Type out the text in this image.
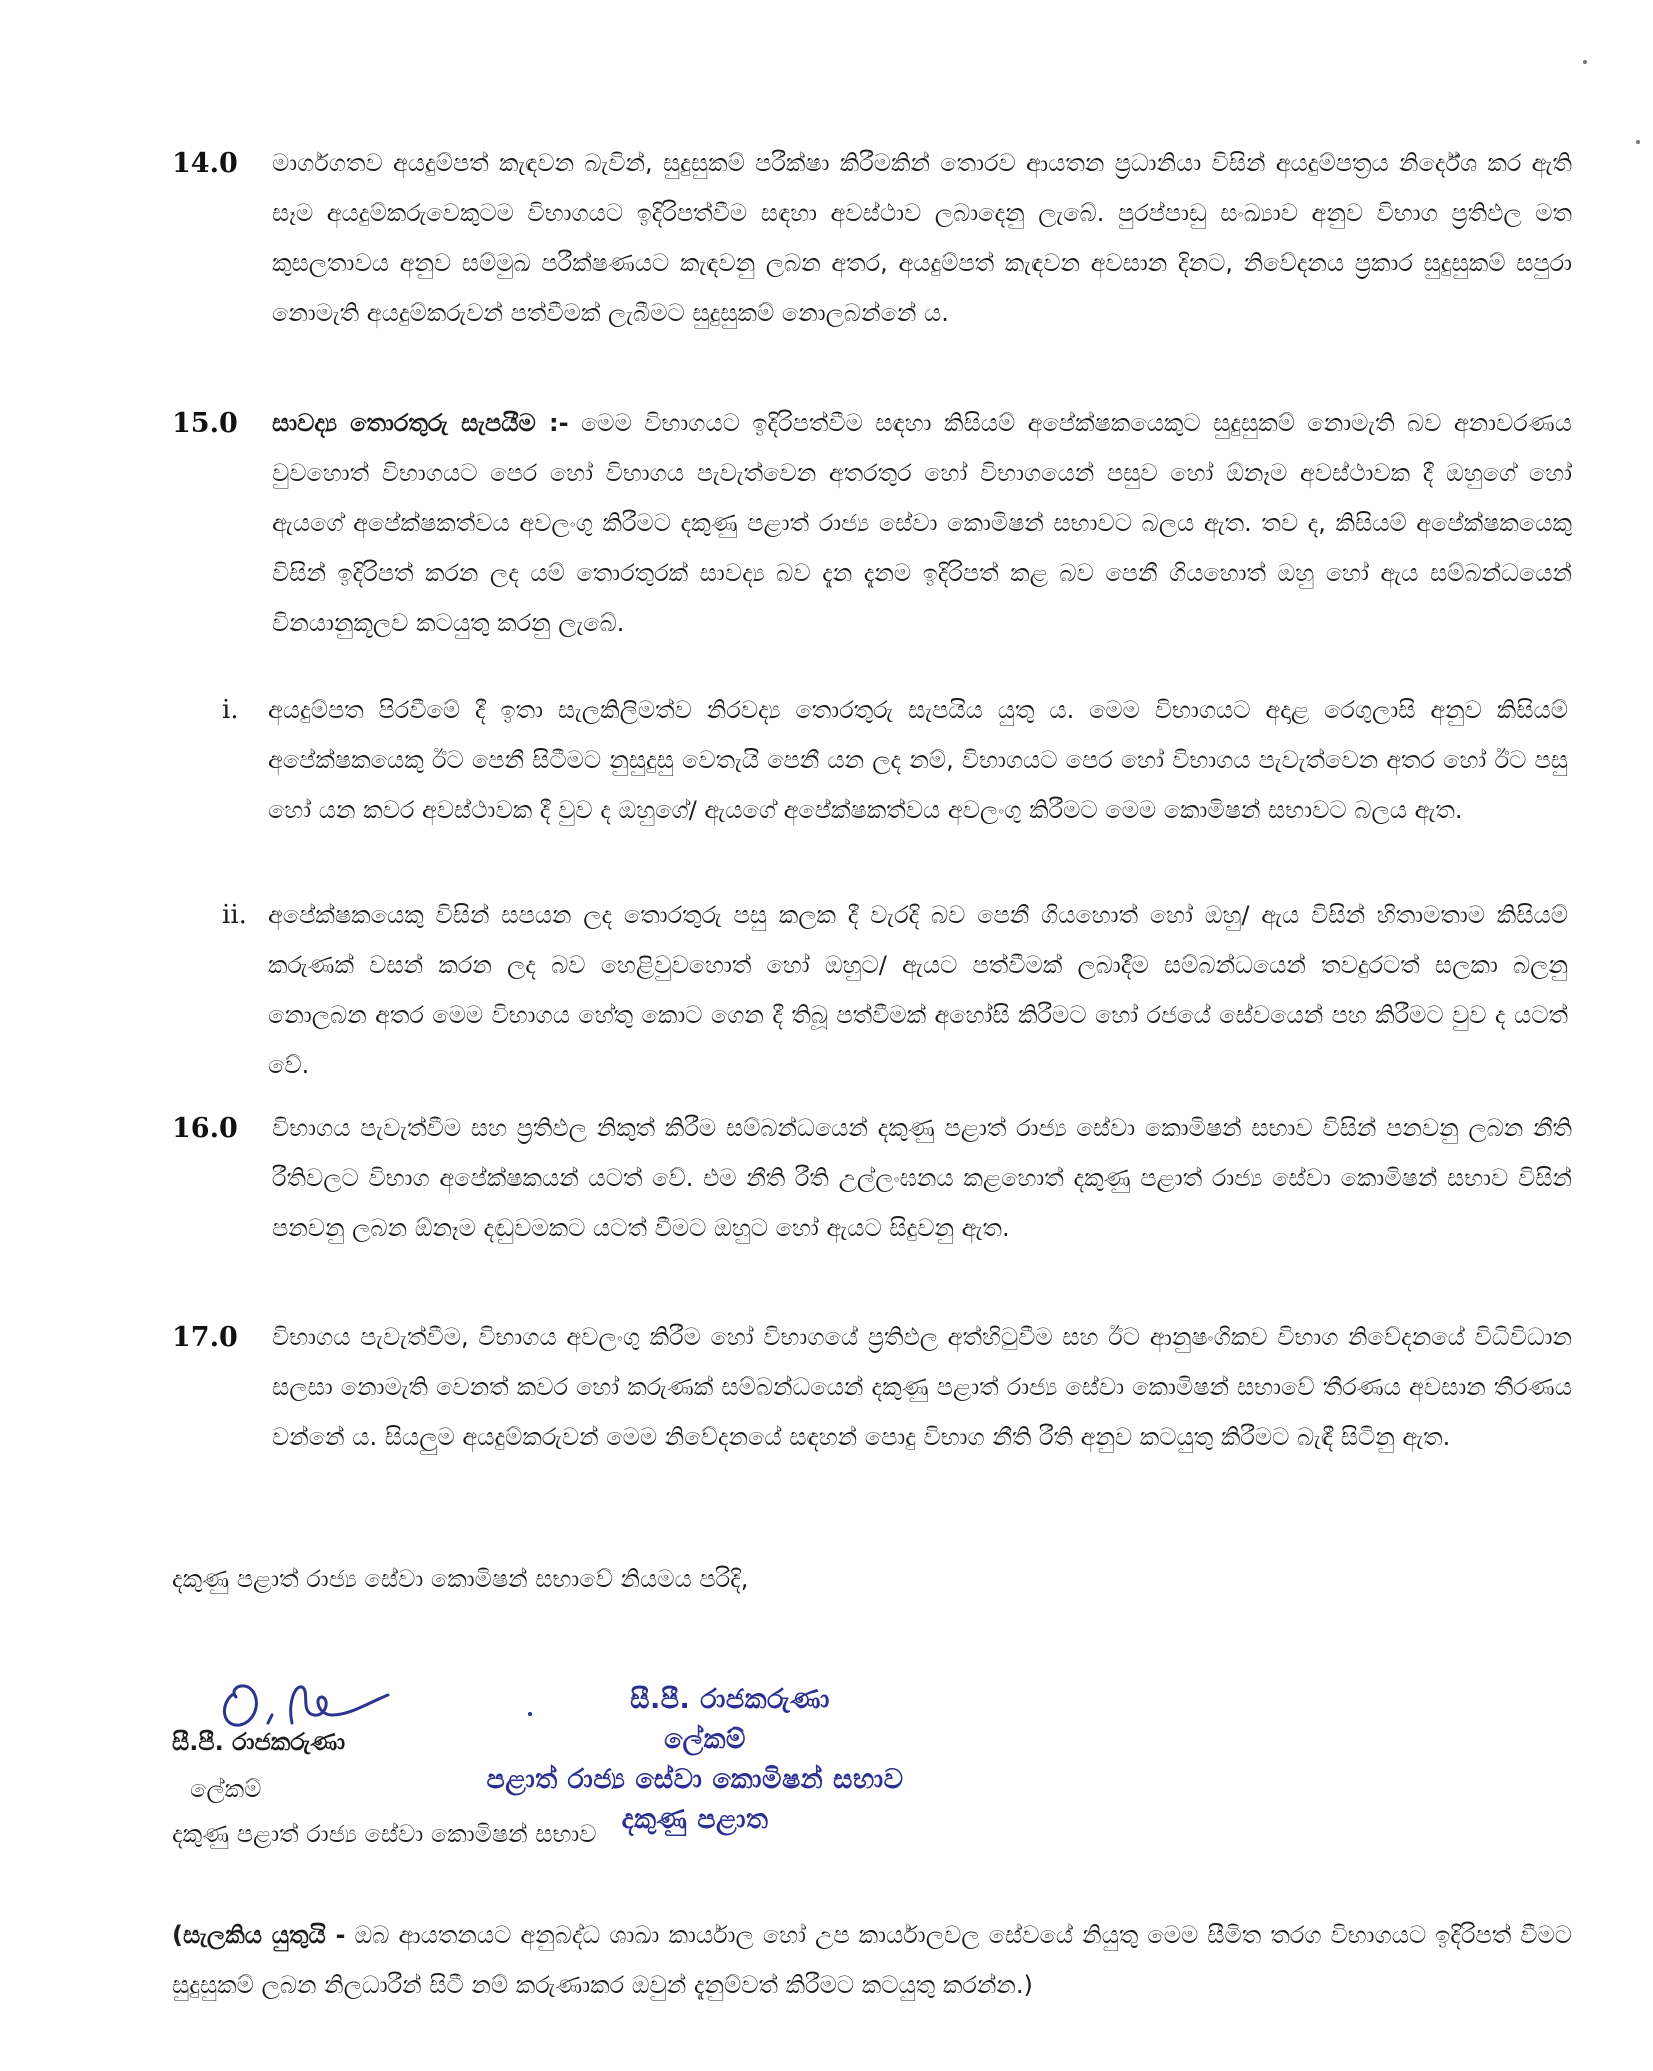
14.0 මාර්ගගතව අයදුම්පත් කැඳවන බැවින්, සුදුසුකම් පරීක්ෂා කිරීමකින් තොරව ආයතන ප්‍රධානියා විසින් අයදුම්පත්‍රය නිර්දේශ කර ඇති සෑම අයදුම්කරුවෙකුටම විභාගයට ඉදිරිපත්වීම සඳහා අවස්ථාව ලබාදෙනු ලැබේ. පුරප්පාඩු සංඛ්‍යාව අනුව විභාග ප්‍රතිඵල මත කුසලතාවය අනුව සම්මුඛ පරීක්ෂණයට කැඳවනු ලබන අතර, අයදුම්පත් කැඳවන අවසාන දිනට, නිවේදනය ප්‍රකාර සුදුසුකම් සපුරා නොමැති අයදුම්කරුවන් පත්වීමක් ලැබීමට සුදුසුකම් නොලබන්නේ ය.
15.0 සාවද්‍ය තොරතුරු සැපයීම :- මෙම විභාගයට ඉදිරිපත්වීම සඳහා කිසියම් අපේක්ෂකයෙකුට සුදුසුකම් නොමැති බව අනාවරණය වුවහොත් විභාගයට පෙර හෝ විභාගය පැවැත්වෙන අතරතුර හෝ විභාගයෙන් පසුව හෝ ඕනෑම අවස්ථාවක දී ඔහුගේ හෝ ඇයගේ අපේක්ෂකත්වය අවලංගු කිරීමට දකුණු පළාත් රාජ්‍ය සේවා කොමිෂන් සභාවට බලය ඇත. තව ද, කිසියම් අපේක්ෂකයෙකු විසින් ඉදිරිපත් කරන ලද යම් තොරතුරක් සාවද්‍ය බව දැන දැනම ඉදිරිපත් කළ බව පෙනී ගියහොත් ඔහු හෝ ඇය සම්බන්ධයෙන් විනයානුකූලව කටයුතු කරනු ලැබේ.
i. අයදුම්පත පිරවීමේ දී ඉතා සැලකිලිමත්ව නිරවද්‍ය තොරතුරු සැපයිය යුතු ය. මෙම විභාගයට අදාළ රෙගුලාසි අනුව කිසියම් අපේක්ෂකයෙකු ඊට පෙනී සිටීමට නුසුදුසු වෙතැයි පෙනී යන ලද නම්, විභාගයට පෙර හෝ විභාගය පැවැත්වෙන අතර හෝ ඊට පසු හෝ යන කවර අවස්ථාවක දී වුව ද ඔහුගේ/ ඇයගේ අපේක්ෂකත්වය අවලංගු කිරීමට මෙම කොමිෂන් සභාවට බලය ඇත.
ii. අපේක්ෂකයෙකු විසින් සපයන ලද තොරතුරු පසු කලක දී වැරදි බව පෙනී ගියහොත් හෝ ඔහු/ ඇය විසින් හිතාමතාම කිසියම් කරුණක් වසන් කරන ලද බව හෙළිවුවහොත් හෝ ඔහුට/ ඇයට පත්වීමක් ලබාදීම සම්බන්ධයෙන් තවදුරටත් සලකා බලනු නොලබන අතර මෙම විභාගය හේතු කොට ගෙන දී තිබූ පත්වීමක් අහෝසි කිරීමට හෝ රජයේ සේවයෙන් පහ කිරීමට වුව ද යටත් වේ.
16.0 විභාගය පැවැත්වීම සහ ප්‍රතිඵල නිකුත් කිරීම සම්බන්ධයෙන් දකුණු පළාත් රාජ්‍ය සේවා කොමිෂන් සභාව විසින් පනවනු ලබන නීති රීතිවලට විභාග අපේක්ෂකයන් යටත් වේ. එම නීති රීති උල්ලංඝනය කළහොත් දකුණු පළාත් රාජ්‍ය සේවා කොමිෂන් සභාව විසින් පනවනු ලබන ඕනෑම දඬුවමකට යටත් වීමට ඔහුට හෝ ඇයට සිදුවනු ඇත.
17.0 විභාගය පැවැත්වීම, විභාගය අවලංගු කිරීම හෝ විභාගයේ ප්‍රතිඵල අත්හිටුවීම සහ ඊට ආනුෂංගිකව විභාග නිවේදනයේ විධිවිධාන සලසා නොමැති වෙනත් කවර හෝ කරුණක් සම්බන්ධයෙන් දකුණු පළාත් රාජ්‍ය සේවා කොමිෂන් සභාවේ තීරණය අවසාන තීරණය වන්නේ ය. සියලුම අයදුම්කරුවන් මෙම නිවේදනයේ සඳහන් පොදු විභාග නීති රීති අනුව කටයුතු කිරීමට බැඳී සිටිනු ඇත.
දකුණු පළාත් රාජ්‍ය සේවා කොමිෂන් සභාවේ නියමය පරිදි,
සී.පී. රාජකරුණා
ලේකම්
පළාත් රාජ්‍ය සේවා කොමිෂන් සභාව
දකුණු පළාත
සී.පී. රාජකරුණා
ලේකම්
දකුණු පළාත් රාජ්‍ය සේවා කොමිෂන් සභාව
(සැලකිය යුතුයි - ඔබ ආයතනයට අනුබද්ධ ශාඛා කාර්යාල හෝ උප කාර්යාලවල සේවයේ නියුතු මෙම සීමිත තරග විභාගයට ඉදිරිපත් වීමට සුදුසුකම් ලබන නිලධාරීන් සිටී නම් කරුණාකර ඔවුන් දැනුම්වත් කිරීමට කටයුතු කරන්න.)
